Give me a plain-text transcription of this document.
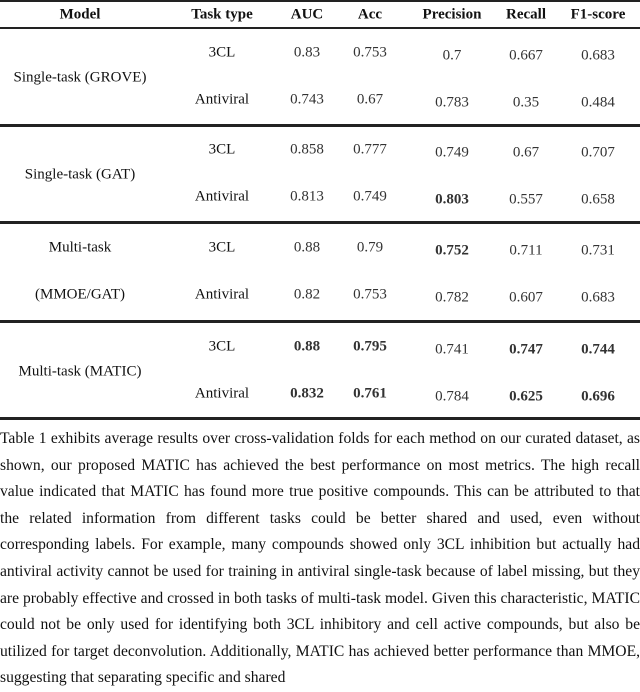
Model	Task type	AUC Acc	Precision Recall F1-score
Single-task (GROVE)
3CL	0.83 0.753	0.7	0.667	0.683
Antiviral	0.743 0.67	0.783	0.35	0.484
Single-task (GAT)
3CL	0.858 0.777	0.749	0.67	0.707
Antiviral	0.813 0.749	0.803	0.557	0.658
Multi-task
(MMOE/GAT)
3CL	0.88 0.79	0.752	0.711	0.731
Antiviral	0.82 0.753	0.782	0.607	0.683
Multi-task (MATIC)
3CL	0.88 0.795	0.741	0.747	0.744
Antiviral	0.832 0.761	0.784	0.625	0.696
Table 1 exhibits average results over cross-validation folds for each method on our curated dataset, as shown, our proposed MATIC has achieved the best performance on most metrics. The high recall value indicated that MATIC has found more true positive compounds. This can be attributed to that the related information from different tasks could be better shared and used, even without corresponding labels. For example, many compounds showed only 3CL inhibition but actually had antiviral activity cannot be used for training in antiviral single-task because of label missing, but they are probably effective and crossed in both tasks of multi-task model. Given this characteristic, MATIC could not be only used for identifying both 3CL inhibitory and cell active compounds, but also be utilized for target deconvolution. Additionally, MATIC has achieved better performance than MMOE, suggesting that separating specific and shared
